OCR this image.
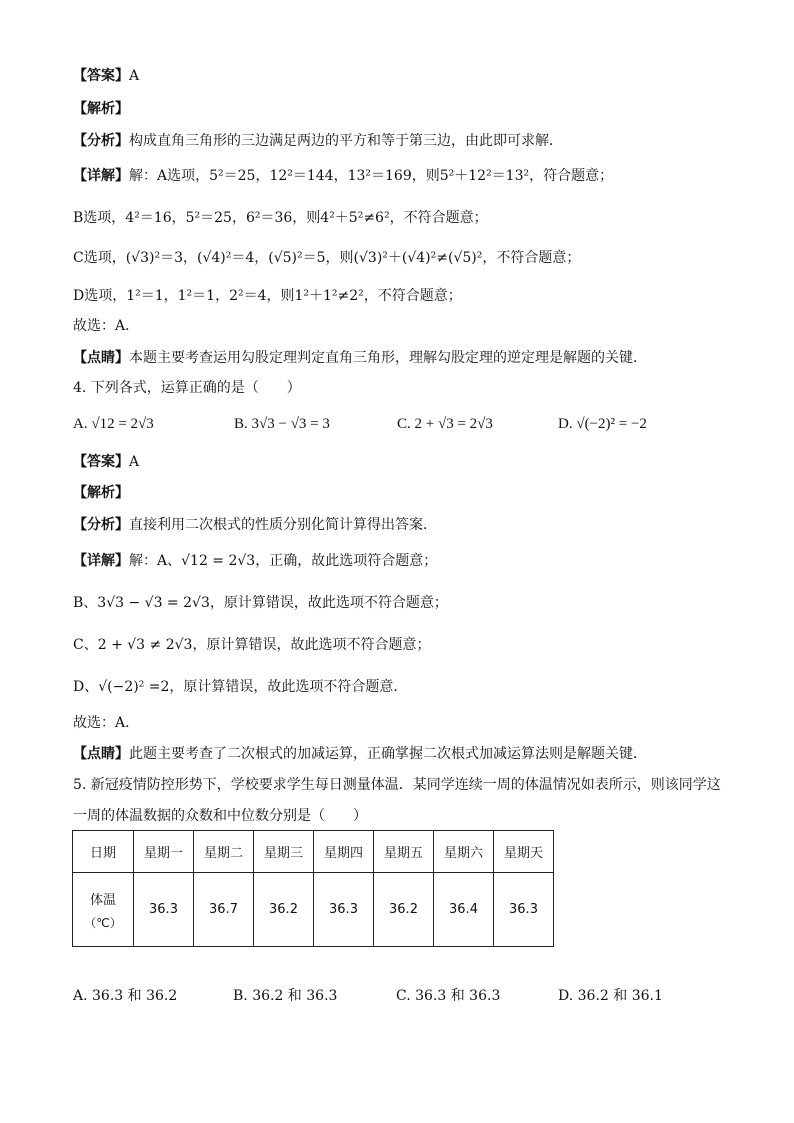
【答案】A
【解析】
【分析】构成直角三角形的三边满足两边的平方和等于第三边，由此即可求解．
【详解】解：A选项，5²＝25，12²＝144，13²＝169，则5²＋12²＝13²，符合题意；
B选项，4²＝16，5²＝25，6²＝36，则4²＋5²≠6²，不符合题意；
C选项，(√3)²＝3，(√4)²＝4，(√5)²＝5，则(√3)²＋(√4)²≠(√5)²，不符合题意；
D选项，1²＝1，1²＝1，2²＝4，则1²＋1²≠2²，不符合题意；
故选：A．
【点睛】本题主要考查运用勾股定理判定直角三角形，理解勾股定理的逆定理是解题的关键．
4. 下列各式，运算正确的是（　　）
A. √12 = 2√3	B. 3√3 − √3 = 3	C. 2 + √3 = 2√3	D. √(−2)² = −2
【答案】A
【解析】
【分析】直接利用二次根式的性质分别化简计算得出答案．
【详解】解：A、√12 = 2√3，正确，故此选项符合题意；
B、3√3 − √3 = 2√3，原计算错误，故此选项不符合题意；
C、2 + √3 ≠ 2√3，原计算错误，故此选项不符合题意；
D、√(−2)² =2，原计算错误，故此选项不符合题意．
故选：A．
【点睛】此题主要考查了二次根式的加减运算，正确掌握二次根式加减运算法则是解题关键．
5. 新冠疫情防控形势下，学校要求学生每日测量体温．某同学连续一周的体温情况如表所示，则该同学这
一周的体温数据的众数和中位数分别是（　　）
日期	星期一	星期二	星期三	星期四	星期五	星期六	星期天

体温
（℃）	36.3	36.7	36.2	36.3	36.2	36.4	36.3
A. 36.3 和 36.2	B. 36.2 和 36.3	C. 36.3 和 36.3	D. 36.2 和 36.1
